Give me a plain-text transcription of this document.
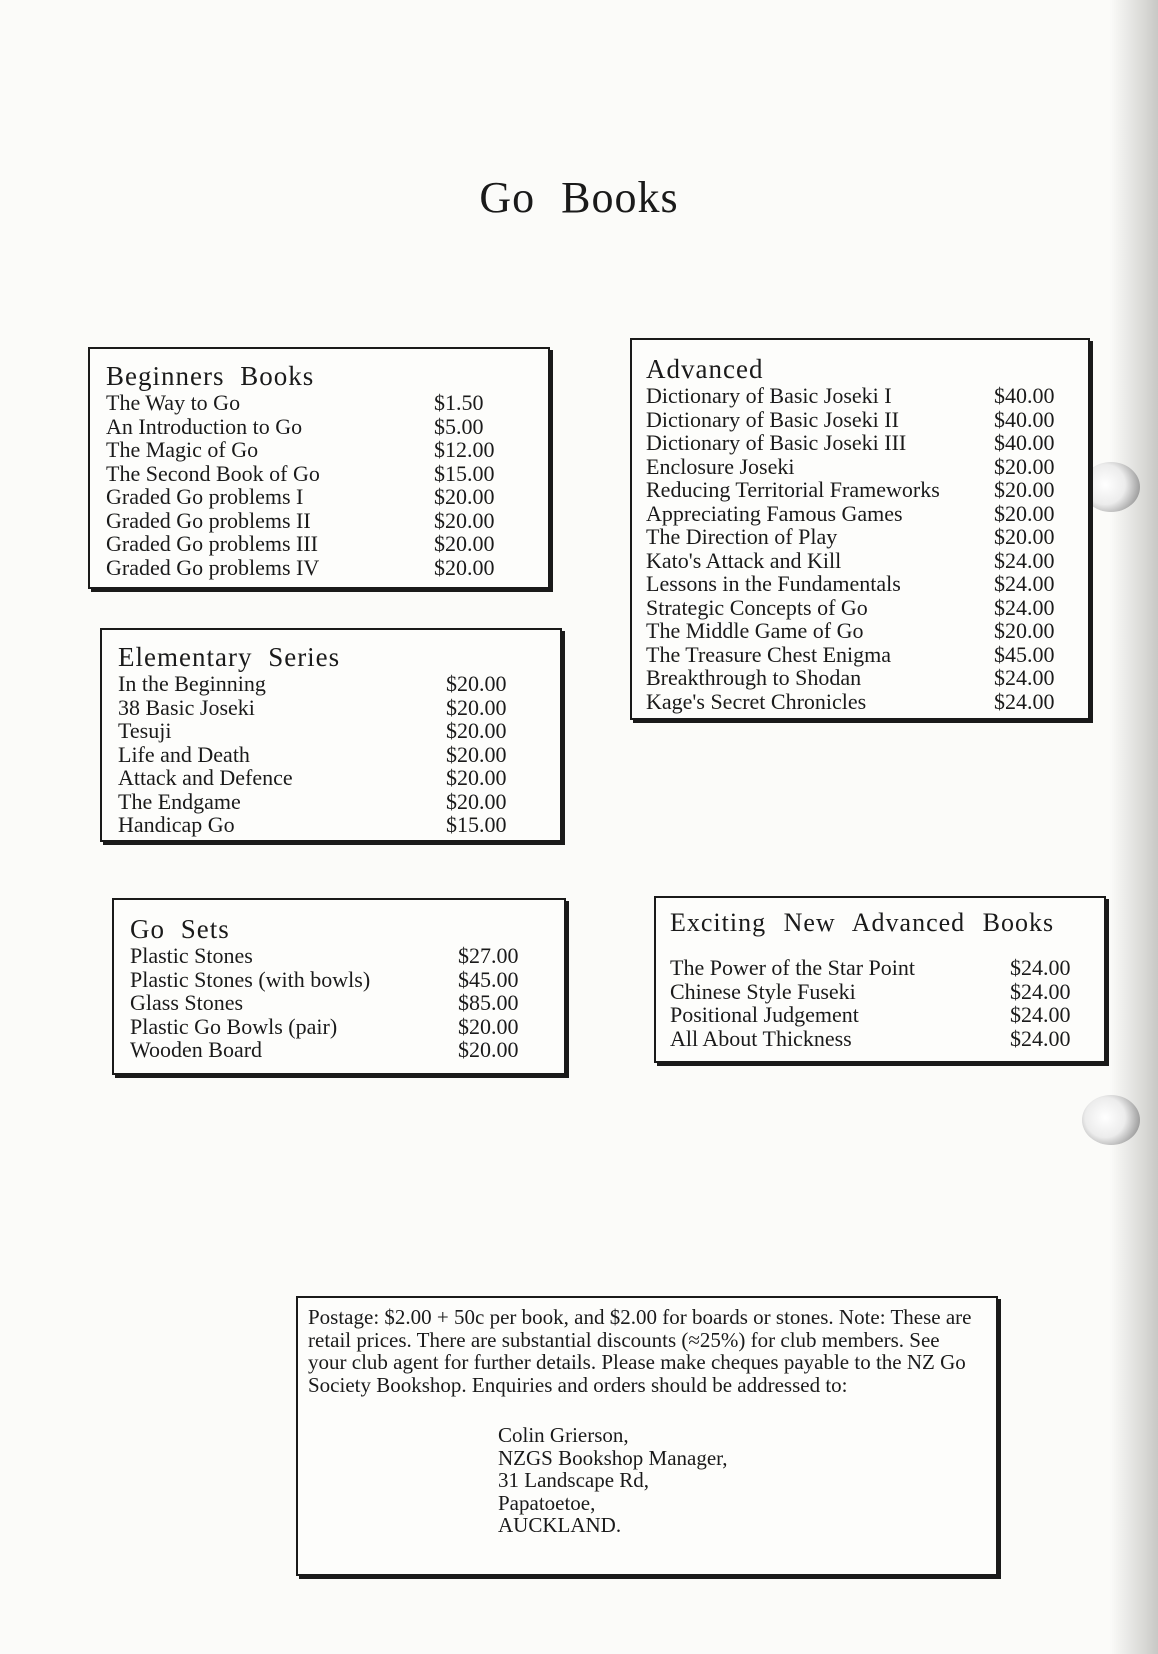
Go Books
Beginners Books
The Way to Go	$1.50
An Introduction to Go	$5.00
The Magic of Go	$12.00
The Second Book of Go	$15.00
Graded Go problems I	$20.00
Graded Go problems II	$20.00
Graded Go problems III	$20.00
Graded Go problems IV	$20.00
Elementary Series
In the Beginning	$20.00
38 Basic Joseki	$20.00
Tesuji	$20.00
Life and Death	$20.00
Attack and Defence	$20.00
The Endgame	$20.00
Handicap Go	$15.00
Advanced
Dictionary of Basic Joseki I	$40.00
Dictionary of Basic Joseki II	$40.00
Dictionary of Basic Joseki III	$40.00
Enclosure Joseki	$20.00
Reducing Territorial Frameworks	$20.00
Appreciating Famous Games	$20.00
The Direction of Play	$20.00
Kato's Attack and Kill	$24.00
Lessons in the Fundamentals	$24.00
Strategic Concepts of Go	$24.00
The Middle Game of Go	$20.00
The Treasure Chest Enigma	$45.00
Breakthrough to Shodan	$24.00
Kage's Secret Chronicles	$24.00
Go Sets
Plastic Stones	$27.00
Plastic Stones (with bowls)	$45.00
Glass Stones	$85.00
Plastic Go Bowls (pair)	$20.00
Wooden Board	$20.00
Exciting New Advanced Books
The Power of the Star Point	$24.00
Chinese Style Fuseki	$24.00
Positional Judgement	$24.00
All About Thickness	$24.00

Postage: $2.00 + 50c per book, and $2.00 for boards or stones. Note: These are retail prices. There are substantial discounts (≈25%) for club members. See your club agent for further details. Please make cheques payable to the NZ Go Society Bookshop. Enquiries and orders should be addressed to:

Colin Grierson,
NZGS Bookshop Manager,
31 Landscape Rd,
Papatoetoe,
AUCKLAND.
